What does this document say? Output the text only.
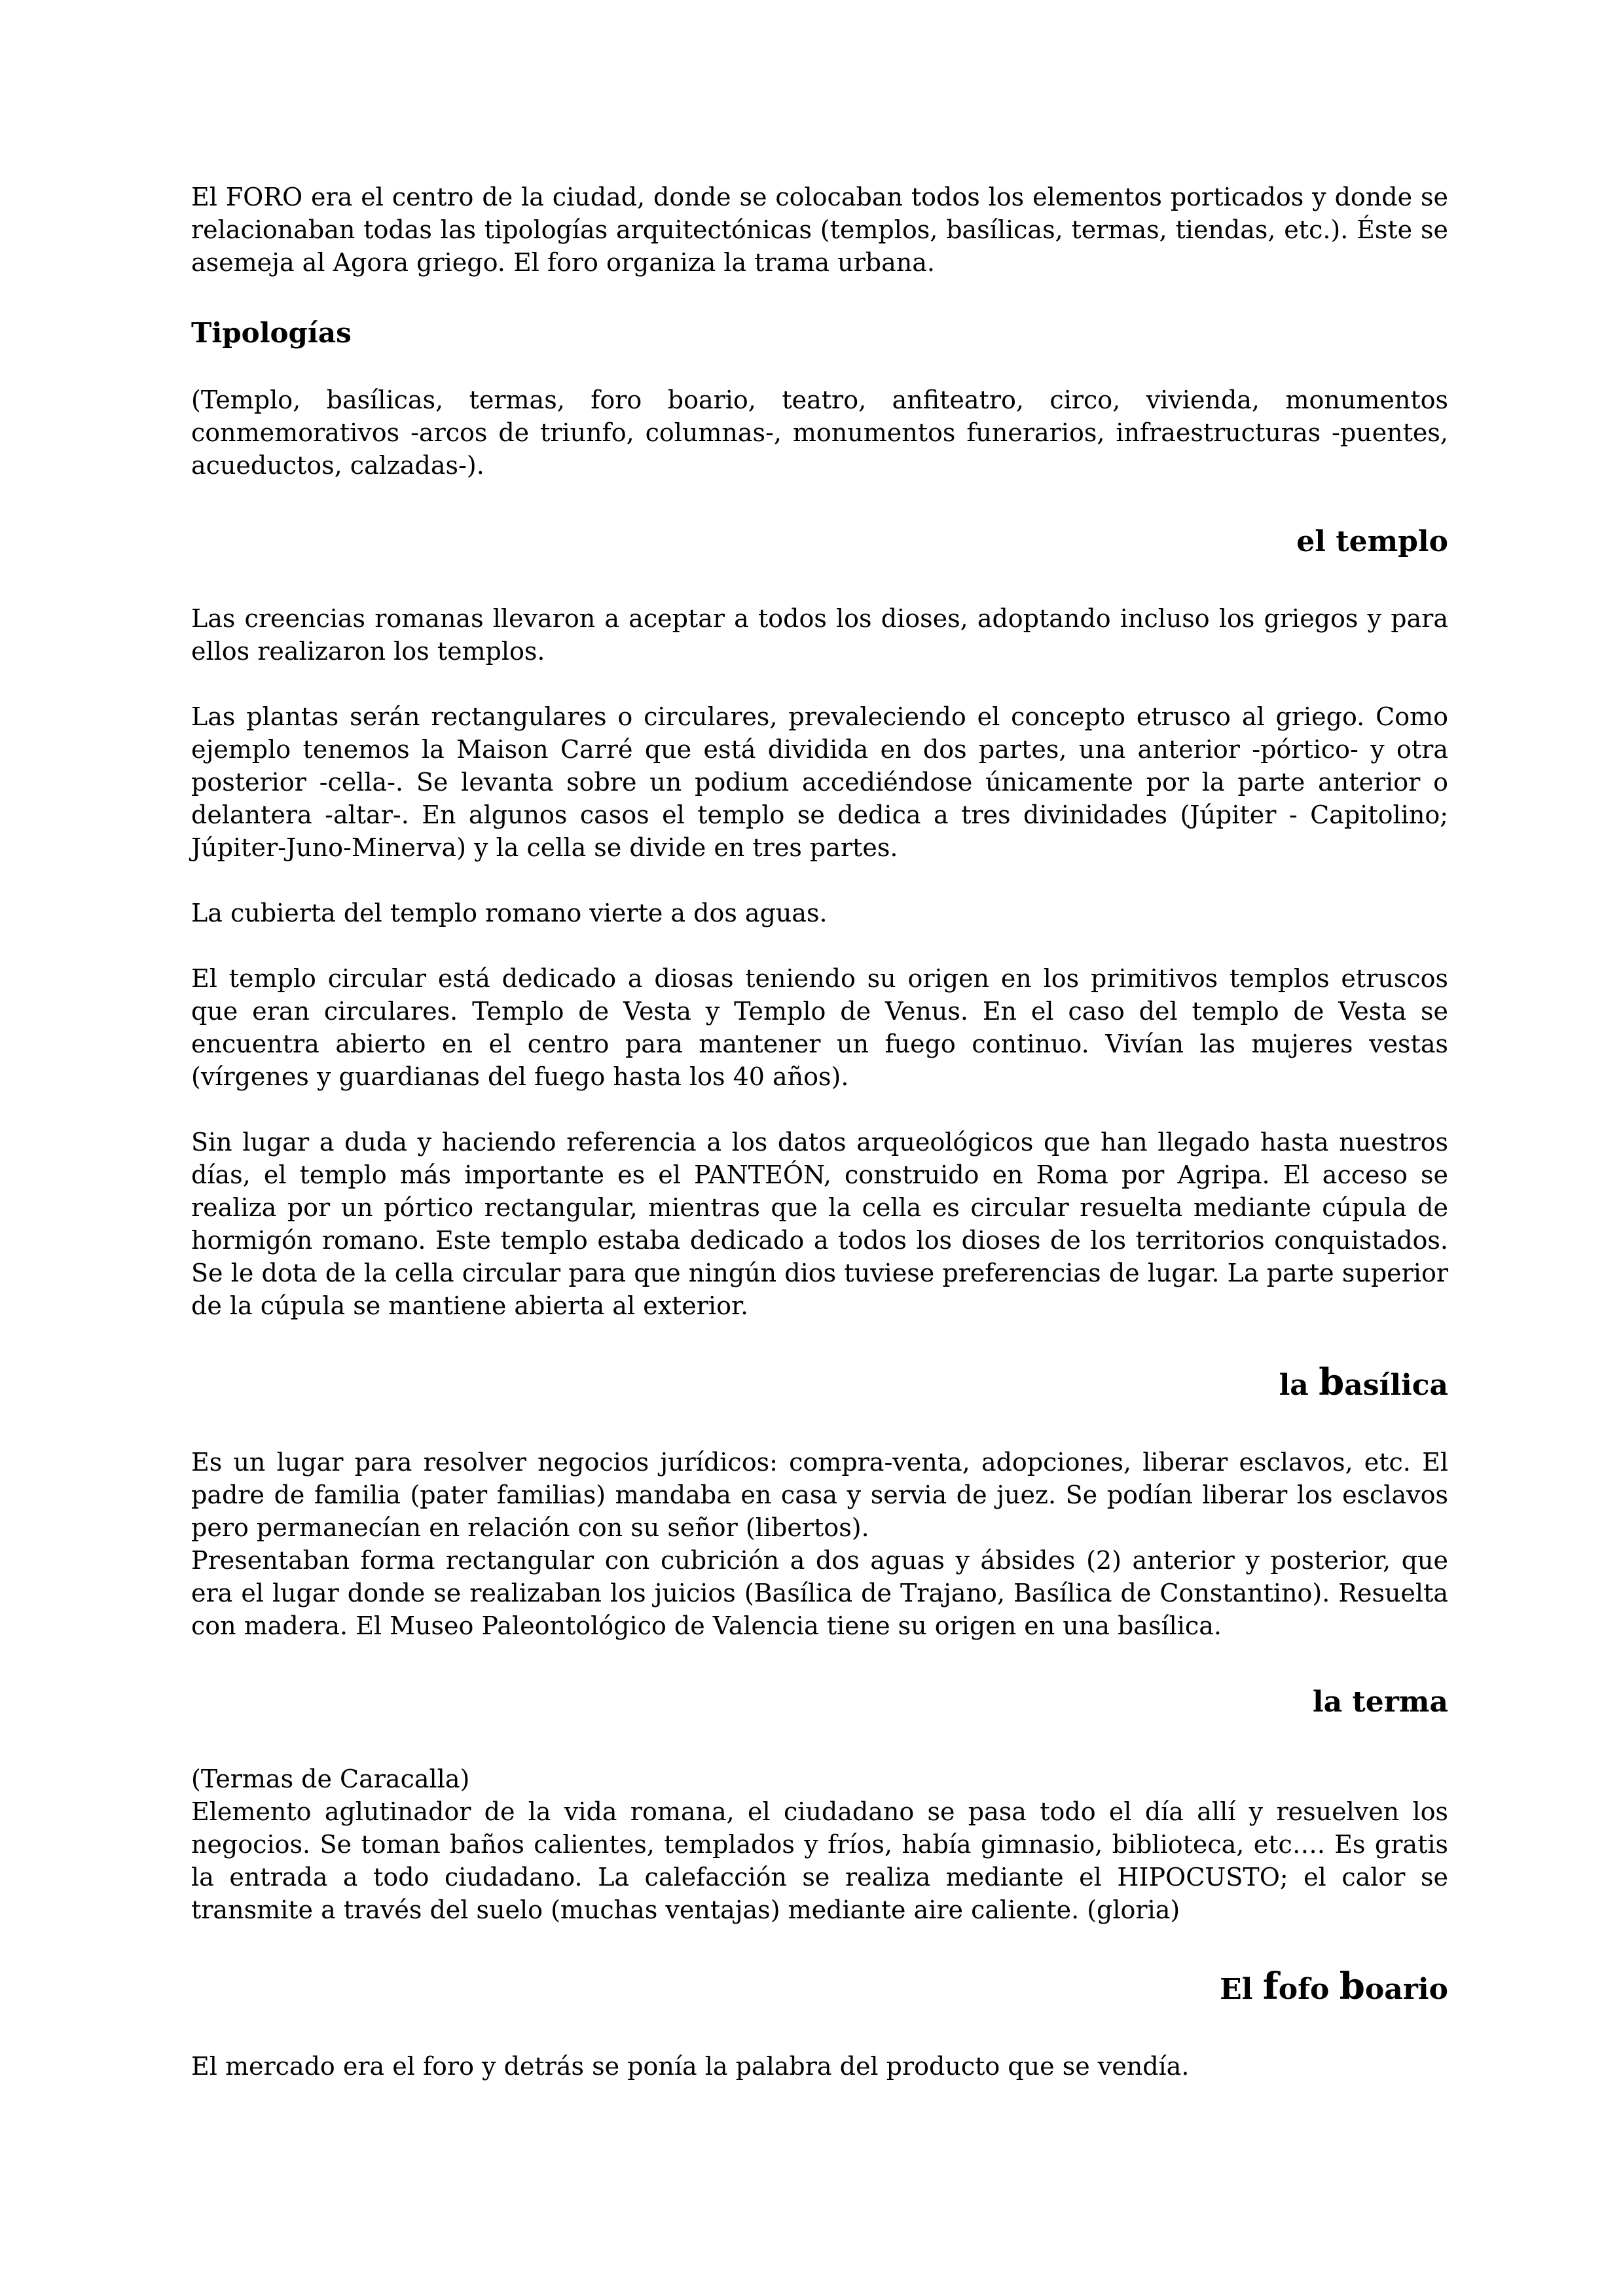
El FORO era el centro de la ciudad, donde se colocaban todos los elementos porticados y donde se relacionaban todas las tipologías arquitectónicas (templos, basílicas, termas, tiendas, etc.). Éste se asemeja al Agora griego. El foro organiza la trama urbana.

Tipologías

(Templo, basílicas, termas, foro boario, teatro, anfiteatro, circo, vivienda, monumentos conmemorativos -arcos de triunfo, columnas-, monumentos funerarios, infraestructuras -puentes, acueductos, calzadas-).

el templo

Las creencias romanas llevaron a aceptar a todos los dioses, adoptando incluso los griegos y para ellos realizaron los templos.

Las plantas serán rectangulares o circulares, prevaleciendo el concepto etrusco al griego. Como ejemplo tenemos la Maison Carré que está dividida en dos partes, una anterior -pórtico- y otra posterior -cella-. Se levanta sobre un podium accediéndose únicamente por la parte anterior o delantera -altar-. En algunos casos el templo se dedica a tres divinidades (Júpiter - Capitolino; Júpiter-Juno-Minerva) y la cella se divide en tres partes.

La cubierta del templo romano vierte a dos aguas.

El templo circular está dedicado a diosas teniendo su origen en los primitivos templos etruscos que eran circulares. Templo de Vesta y Templo de Venus. En el caso del templo de Vesta se encuentra abierto en el centro para mantener un fuego continuo. Vivían las mujeres vestas (vírgenes y guardianas del fuego hasta los 40 años).

Sin lugar a duda y haciendo referencia a los datos arqueológicos que han llegado hasta nuestros días, el templo más importante es el PANTEÓN, construido en Roma por Agripa. El acceso se realiza por un pórtico rectangular, mientras que la cella es circular resuelta mediante cúpula de hormigón romano. Este templo estaba dedicado a todos los dioses de los territorios conquistados. Se le dota de la cella circular para que ningún dios tuviese preferencias de lugar. La parte superior de la cúpula se mantiene abierta al exterior.

la basílica

Es un lugar para resolver negocios jurídicos: compra-venta, adopciones, liberar esclavos, etc. El padre de familia (pater familias) mandaba en casa y servia de juez. Se podían liberar los esclavos pero permanecían en relación con su señor (libertos).

Presentaban forma rectangular con cubrición a dos aguas y ábsides (2) anterior y posterior, que era el lugar donde se realizaban los juicios (Basílica de Trajano, Basílica de Constantino). Resuelta con madera. El Museo Paleontológico de Valencia tiene su origen en una basílica.

la terma

(Termas de Caracalla)

Elemento aglutinador de la vida romana, el ciudadano se pasa todo el día allí y resuelven los negocios. Se toman baños calientes, templados y fríos, había gimnasio, biblioteca, etc…. Es gratis la entrada a todo ciudadano. La calefacción se realiza mediante el HIPOCUSTO; el calor se transmite a través del suelo (muchas ventajas) mediante aire caliente. (gloria)

El fofo boario

El mercado era el foro y detrás se ponía la palabra del producto que se vendía.
